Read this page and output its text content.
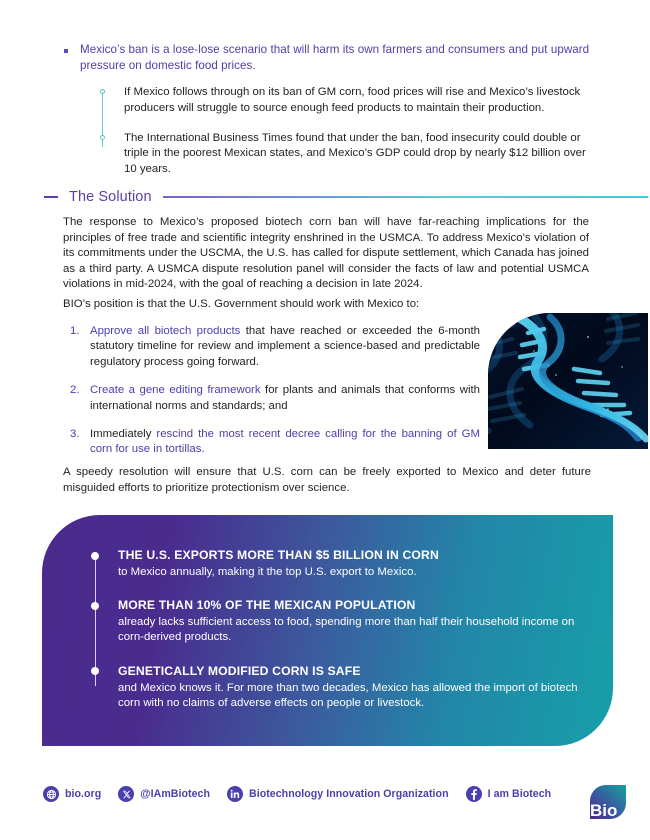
Mexico’s ban is a lose-lose scenario that will harm its own farmers and consumers and put upward pressure on domestic food prices.
If Mexico follows through on its ban of GM corn, food prices will rise and Mexico’s livestock producers will struggle to source enough feed products to maintain their production.
The International Business Times found that under the ban, food insecurity could double or triple in the poorest Mexican states, and Mexico’s GDP could drop by nearly $12 billion over 10 years.
The Solution
The response to Mexico’s proposed biotech corn ban will have far-reaching implications for the principles of free trade and scientific integrity enshrined in the USMCA. To address Mexico’s violation of its commitments under the USCMA, the U.S. has called for dispute settlement, which Canada has joined as a third party. A USMCA dispute resolution panel will consider the facts of law and potential USMCA violations in mid-2024, with the goal of reaching a decision in late 2024.
BIO’s position is that the U.S. Government should work with Mexico to:
1. Approve all biotech products that have reached or exceeded the 6-month statutory timeline for review and implement a science-based and predictable regulatory process going forward.
2. Create a gene editing framework for plants and animals that conforms with international norms and standards; and
3. Immediately rescind the most recent decree calling for the banning of GM corn for use in tortillas.
A speedy resolution will ensure that U.S. corn can be freely exported to Mexico and deter future misguided efforts to prioritize protectionism over science.
THE U.S. EXPORTS MORE THAN $5 BILLION IN CORN
to Mexico annually, making it the top U.S. export to Mexico.
MORE THAN 10% OF THE MEXICAN POPULATION
already lacks sufficient access to food, spending more than half their household income on corn-derived products.
GENETICALLY MODIFIED CORN IS SAFE
and Mexico knows it. For more than two decades, Mexico has allowed the import of biotech corn with no claims of adverse effects on people or livestock.
bio.org	@IAmBiotech	Biotechnology Innovation Organization	I am Biotech
Bio
